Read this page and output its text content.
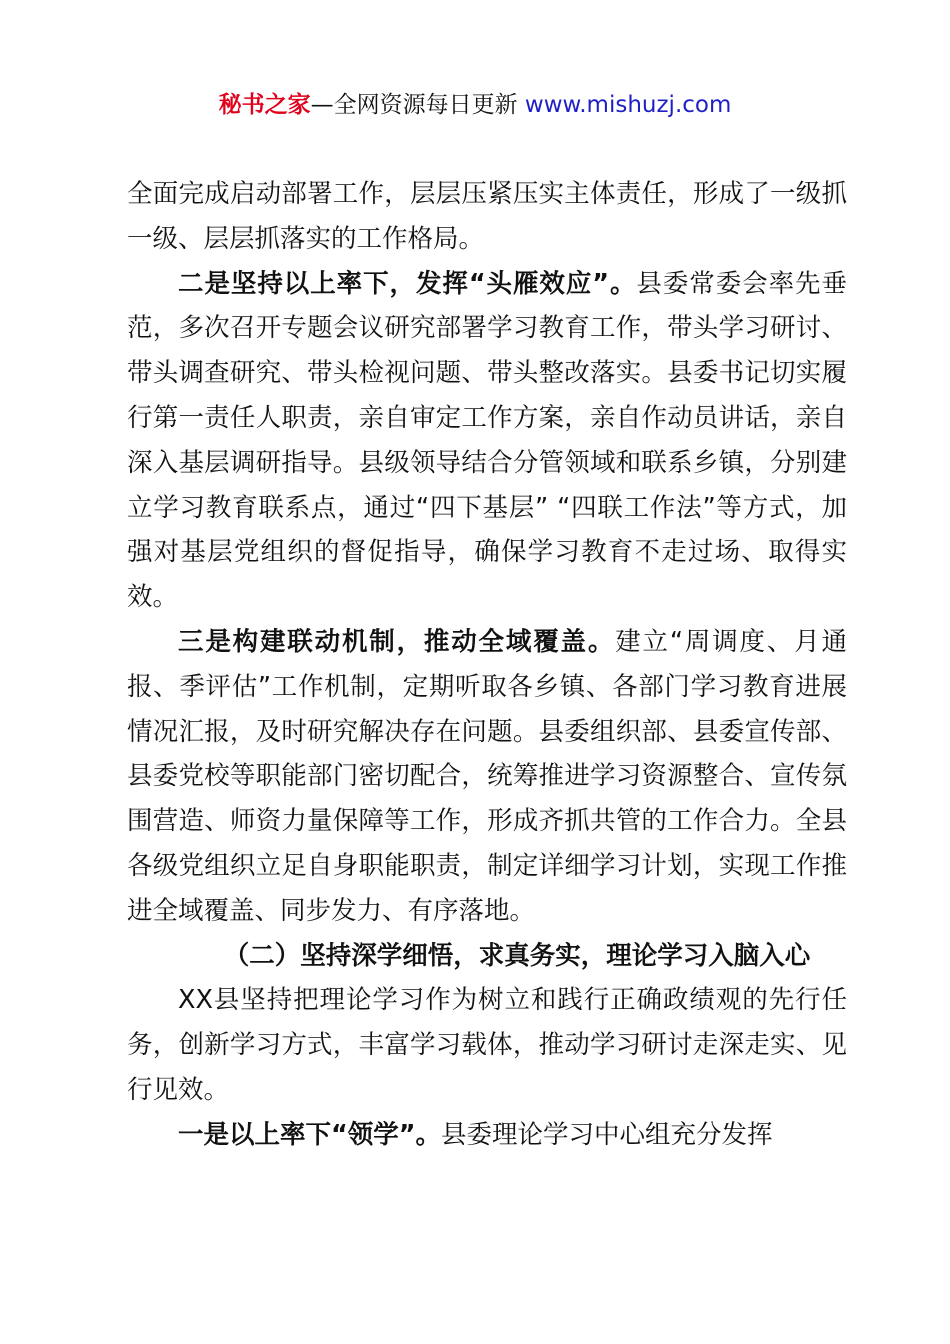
秘书之家—全网资源每日更新 www.mishuzj.com

全面完成启动部署工作，层层压紧压实主体责任，形成了一级抓一级、层层抓落实的工作格局。

二是坚持以上率下，发挥“头雁效应”。县委常委会率先垂范，多次召开专题会议研究部署学习教育工作，带头学习研讨、带头调查研究、带头检视问题、带头整改落实。县委书记切实履行第一责任人职责，亲自审定工作方案，亲自作动员讲话，亲自深入基层调研指导。县级领导结合分管领域和联系乡镇，分别建立学习教育联系点，通过“四下基层” “四联工作法”等方式，加强对基层党组织的督促指导，确保学习教育不走过场、取得实效。

三是构建联动机制，推动全域覆盖。建立“周调度、月通报、季评估”工作机制，定期听取各乡镇、各部门学习教育进展情况汇报，及时研究解决存在问题。县委组织部、县委宣传部、县委党校等职能部门密切配合，统筹推进学习资源整合、宣传氛围营造、师资力量保障等工作，形成齐抓共管的工作合力。全县各级党组织立足自身职能职责，制定详细学习计划，实现工作推进全域覆盖、同步发力、有序落地。

（二）坚持深学细悟，求真务实，理论学习入脑入心

XX县坚持把理论学习作为树立和践行正确政绩观的先行任务，创新学习方式，丰富学习载体，推动学习研讨走深走实、见行见效。

一是以上率下“领学”。县委理论学习中心组充分发挥
